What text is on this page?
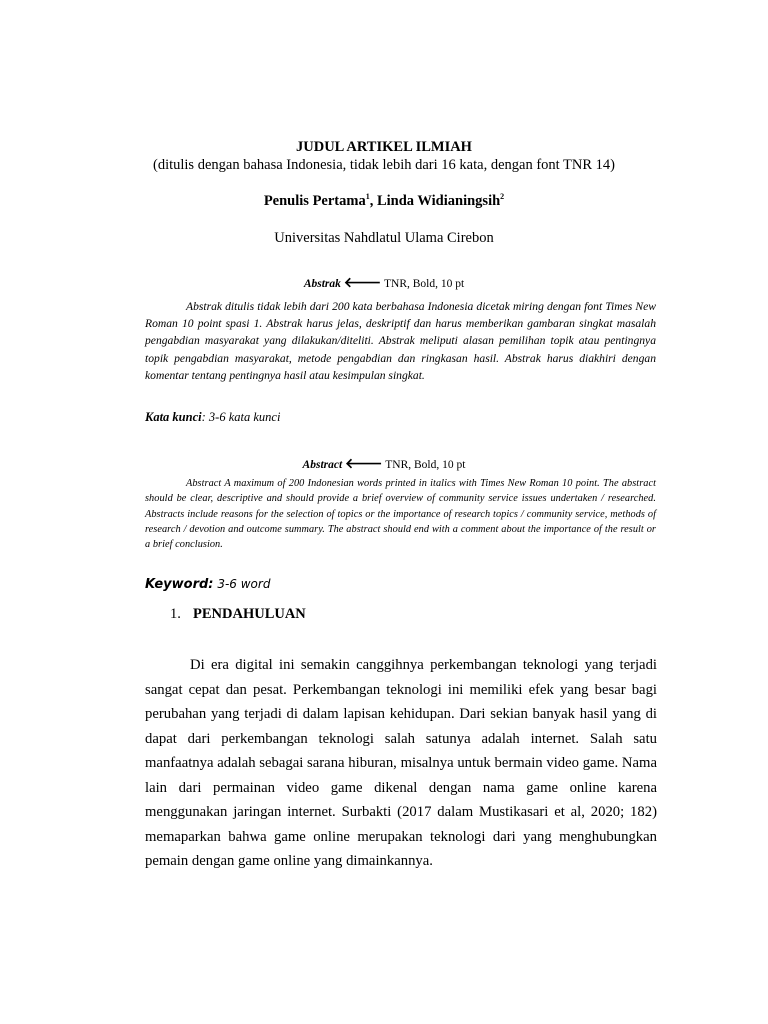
JUDUL ARTIKEL ILMIAH
(ditulis dengan bahasa Indonesia, tidak lebih dari 16 kata, dengan font TNR 14)
Penulis Pertama$^1$, Linda Widianingsih$^2$
Universitas Nahdlatul Ulama Cirebon
Abstrak 🡐 TNR, Bold, 10 pt
Abstrak ditulis tidak lebih dari 200 kata berbahasa Indonesia dicetak miring dengan font Times New Roman 10 point spasi 1. Abstrak harus jelas, deskriptif dan harus memberikan gambaran singkat masalah pengabdian masyarakat yang dilakukan/diteliti. Abstrak meliputi alasan pemilihan topik atau pentingnya topik pengabdian masyarakat, metode pengabdian dan ringkasan hasil. Abstrak harus diakhiri dengan komentar tentang pentingnya hasil atau kesimpulan singkat.
Kata kunci: 3-6 kata kunci
Abstract 🡐 TNR, Bold, 10 pt
Abstract A maximum of 200 Indonesian words printed in italics with Times New Roman 10 point. The abstract should be clear, descriptive and should provide a brief overview of community service issues undertaken / researched. Abstracts include reasons for the selection of topics or the importance of research topics / community service, methods of research / devotion and outcome summary. The abstract should end with a comment about the importance of the result or a brief conclusion.
Keyword: 3-6 word
1. PENDAHULUAN
Di era digital ini semakin canggihnya perkembangan teknologi yang terjadi sangat cepat dan pesat. Perkembangan teknologi ini memiliki efek yang besar bagi perubahan yang terjadi di dalam lapisan kehidupan. Dari sekian banyak hasil yang di dapat dari perkembangan teknologi salah satunya adalah internet. Salah satu manfaatnya adalah sebagai sarana hiburan, misalnya untuk bermain video game. Nama lain dari permainan video game dikenal dengan nama game online karena menggunakan jaringan internet. Surbakti (2017 dalam Mustikasari et al, 2020; 182) memaparkan bahwa game online merupakan teknologi dari yang menghubungkan pemain dengan game online yang dimainkannya.
